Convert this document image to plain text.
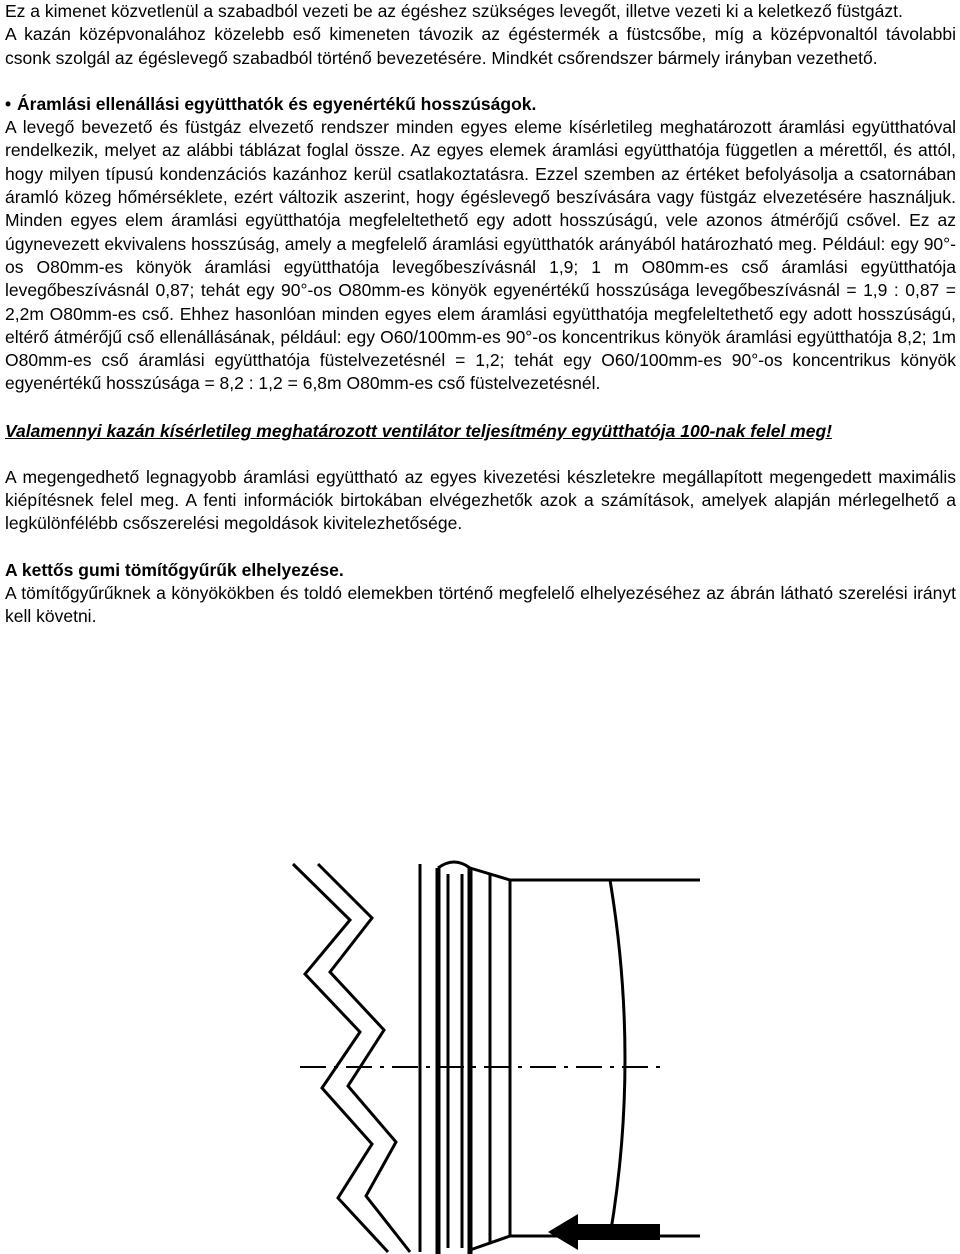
Ez a kimenet közvetlenül a szabadból vezeti be az égéshez szükséges levegőt, illetve vezeti ki a keletkező füstgázt.

A kazán középvonalához közelebb eső kimeneten távozik az égéstermék a füstcsőbe, míg a középvonaltól távolabbi csonk szolgál az égéslevegő szabadból történő bevezetésére. Mindkét csőrendszer bármely irányban vezethető.

• Áramlási ellenállási együtthatók és egyenértékű hosszúságok.

A levegő bevezető és füstgáz elvezető rendszer minden egyes eleme kísérletileg meghatározott áramlási együtthatóval rendelkezik, melyet az alábbi táblázat foglal össze. Az egyes elemek áramlási együtthatója független a mérettől, és attól, hogy milyen típusú kondenzációs kazánhoz kerül csatlakoztatásra. Ezzel szemben az értéket befolyásolja a csatornában áramló közeg hőmérséklete, ezért változik aszerint, hogy égéslevegő beszívására vagy füstgáz elvezetésére használjuk. Minden egyes elem áramlási együtthatója megfeleltethető egy adott hosszúságú, vele azonos átmérőjű csővel. Ez az úgynevezett ekvivalens hosszúság, amely a megfelelő áramlási együtthatók arányából határozható meg. Például: egy 90°-os O80mm-es könyök áramlási együtthatója levegőbeszívásnál 1,9; 1 m O80mm-es cső áramlási együtthatója levegőbeszívásnál 0,87; tehát egy 90°-os O80mm-es könyök egyenértékű hosszúsága levegőbeszívásnál = 1,9 : 0,87 = 2,2m O80mm-es cső. Ehhez hasonlóan minden egyes elem áramlási együtthatója megfeleltethető egy adott hosszúságú, eltérő átmérőjű cső ellenállásának, például: egy O60/100mm-es 90°-os koncentrikus könyök áramlási együtthatója 8,2; 1m O80mm-es cső áramlási együtthatója füstelvezetésnél = 1,2; tehát egy O60/100mm-es 90°-os koncentrikus könyök egyenértékű hosszúsága = 8,2 : 1,2 = 6,8m O80mm-es cső füstelvezetésnél.

Valamennyi kazán kísérletileg meghatározott ventilátor teljesítmény együtthatója 100-nak felel meg!

A megengedhető legnagyobb áramlási együttható az egyes kivezetési készletekre megállapított megengedett maximális kiépítésnek felel meg. A fenti információk birtokában elvégezhetők azok a számítások, amelyek alapján mérlegelhető a legkülönfélébb csőszerelési megoldások kivitelezhetősége.

A kettős gumi tömítőgyűrűk elhelyezése.

A tömítőgyűrűknek a könyökökben és toldó elemekben történő megfelelő elhelyezéséhez az ábrán látható szerelési irányt kell követni.
